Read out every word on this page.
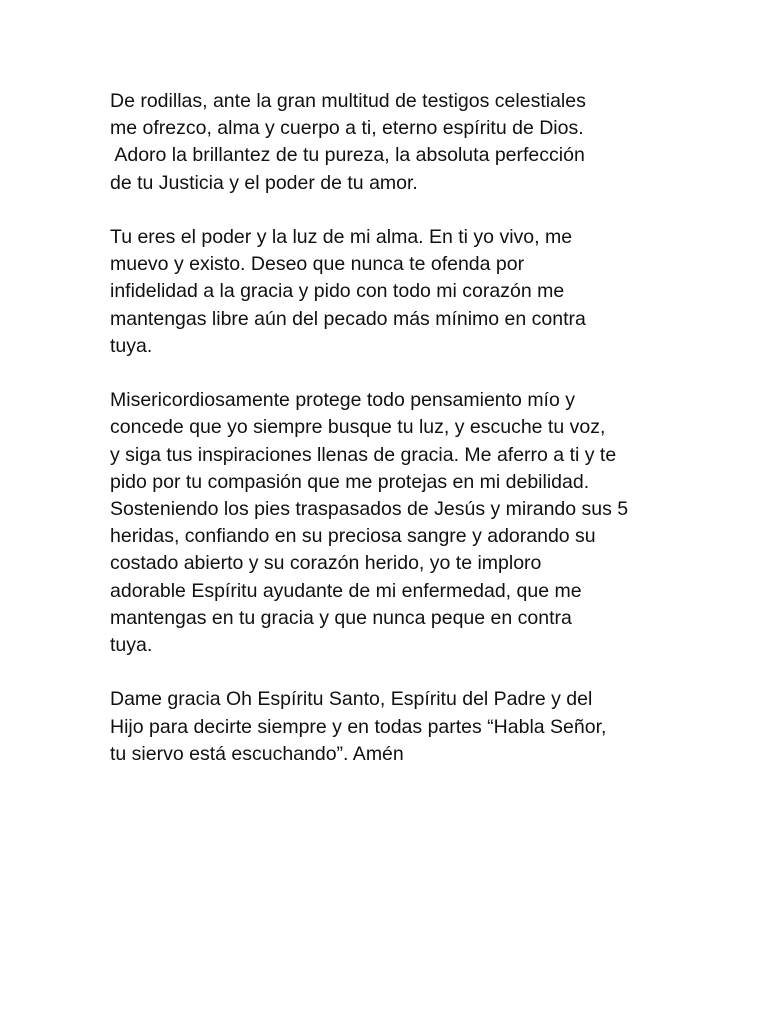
De rodillas, ante la gran multitud de testigos celestiales
me ofrezco, alma y cuerpo a ti, eterno espíritu de Dios.
Adoro la brillantez de tu pureza, la absoluta perfección
de tu Justicia y el poder de tu amor.

Tu eres el poder y la luz de mi alma. En ti yo vivo, me
muevo y existo. Deseo que nunca te ofenda por
infidelidad a la gracia y pido con todo mi corazón me
mantengas libre aún del pecado más mínimo en contra
tuya.

Misericordiosamente protege todo pensamiento mío y
concede que yo siempre busque tu luz, y escuche tu voz,
y siga tus inspiraciones llenas de gracia. Me aferro a ti y te
pido por tu compasión que me protejas en mi debilidad.
Sosteniendo los pies traspasados de Jesús y mirando sus 5
heridas, confiando en su preciosa sangre y adorando su
costado abierto y su corazón herido, yo te imploro
adorable Espíritu ayudante de mi enfermedad, que me
mantengas en tu gracia y que nunca peque en contra
tuya.

Dame gracia Oh Espíritu Santo, Espíritu del Padre y del
Hijo para decirte siempre y en todas partes “Habla Señor,
tu siervo está escuchando”. Amén
